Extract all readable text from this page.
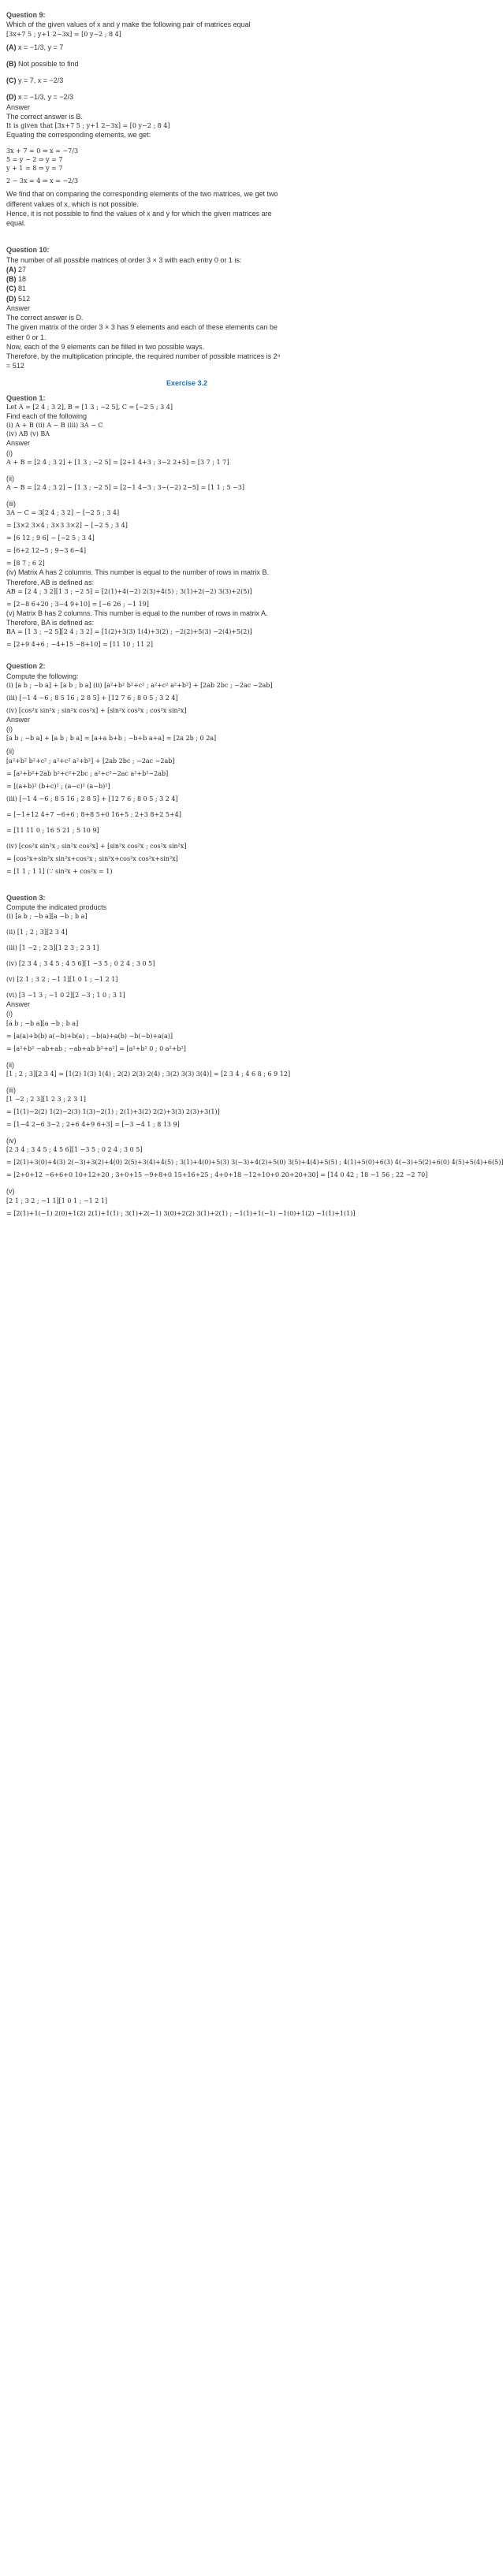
Question 9:
Which of the given values of x and y make the following pair of matrices equal
[3x+7 5 ; y+1 2−3x] = [0 y−2 ; 8 4]
(A) x = −1/3, y = 7
(B) Not possible to find
(C) y = 7, x = −2/3
(D) x = −1/3, y = −2/3
Answer
The correct answer is B.
It is given that [3x+7 5 ; y+1 2−3x] = [0 y−2 ; 8 4]
Equating the corresponding elements, we get:
3x + 7 = 0 ⇒ x = −7/3
5 = y − 2 ⇒ y = 7
y + 1 = 8 ⇒ y = 7
2 − 3x = 4 ⇒ x = −2/3
We find that on comparing the corresponding elements of the two matrices, we get two
different values of x, which is not possible.
Hence, it is not possible to find the values of x and y for which the given matrices are
equal.
Question 10:
The number of all possible matrices of order 3 × 3 with each entry 0 or 1 is:
(A) 27
(B) 18
(C) 81
(D) 512
Answer
The correct answer is D.
The given matrix of the order 3 × 3 has 9 elements and each of these elements can be
either 0 or 1.
Now, each of the 9 elements can be filled in two possible ways.
Therefore, by the multiplication principle, the required number of possible matrices is 2⁹
= 512
Exercise 3.2
Question 1:
Let A = [2 4 ; 3 2], B = [1 3 ; −2 5], C = [−2 5 ; 3 4]
Find each of the following
(i) A + B (ii) A − B (iii) 3A − C
(iv) AB (v) BA
Answer
(i)
A + B = [2 4 ; 3 2] + [1 3 ; −2 5] = [2+1 4+3 ; 3−2 2+5] = [3 7 ; 1 7]
(ii)
A − B = [2 4 ; 3 2] − [1 3 ; −2 5] = [2−1 4−3 ; 3−(−2) 2−5] = [1 1 ; 5 −3]
(iii)
3A − C = 3[2 4 ; 3 2] − [−2 5 ; 3 4]
= [3×2 3×4 ; 3×3 3×2] − [−2 5 ; 3 4]
= [6 12 ; 9 6] − [−2 5 ; 3 4]
= [6+2 12−5 ; 9−3 6−4]
= [8 7 ; 6 2]
(iv) Matrix A has 2 columns. This number is equal to the number of rows in matrix B.
Therefore, AB is defined as:
AB = [2 4 ; 3 2][1 3 ; −2 5] = [2(1)+4(−2) 2(3)+4(5) ; 3(1)+2(−2) 3(3)+2(5)]
= [2−8 6+20 ; 3−4 9+10] = [−6 26 ; −1 19]
(v) Matrix B has 2 columns. This number is equal to the number of rows in matrix A.
Therefore, BA is defined as:
BA = [1 3 ; −2 5][2 4 ; 3 2] = [1(2)+3(3) 1(4)+3(2) ; −2(2)+5(3) −2(4)+5(2)]
= [2+9 4+6 ; −4+15 −8+10] = [11 10 ; 11 2]
Question 2:
Compute the following:
(i) [a b ; −b a] + [a b ; b a] (ii) [a²+b² b²+c² ; a²+c² a²+b²] + [2ab 2bc ; −2ac −2ab]
(iii) [−1 4 −6 ; 8 5 16 ; 2 8 5] + [12 7 6 ; 8 0 5 ; 3 2 4]
(iv) [cos²x sin²x ; sin²x cos²x] + [sin²x cos²x ; cos²x sin²x]
Answer
(i)
[a b ; −b a] + [a b ; b a] = [a+a b+b ; −b+b a+a] = [2a 2b ; 0 2a]
(ii)
[a²+b² b²+c² ; a²+c² a²+b²] + [2ab 2bc ; −2ac −2ab]
= [a²+b²+2ab b²+c²+2bc ; a²+c²−2ac a²+b²−2ab]
= [(a+b)² (b+c)² ; (a−c)² (a−b)²]
(iii) [−1 4 −6 ; 8 5 16 ; 2 8 5] + [12 7 6 ; 8 0 5 ; 3 2 4]
= [−1+12 4+7 −6+6 ; 8+8 5+0 16+5 ; 2+3 8+2 5+4]
= [11 11 0 ; 16 5 21 ; 5 10 9]
(iv) [cos²x sin²x ; sin²x cos²x] + [sin²x cos²x ; cos²x sin²x]
= [cos²x+sin²x sin²x+cos²x ; sin²x+cos²x cos²x+sin²x]
= [1 1 ; 1 1] (∵ sin²x + cos²x = 1)
Question 3:
Compute the indicated products
(i) [a b ; −b a][a −b ; b a]
(ii) [1 ; 2 ; 3][2 3 4]
(iii) [1 −2 ; 2 3][1 2 3 ; 2 3 1]
(iv) [2 3 4 ; 3 4 5 ; 4 5 6][1 −3 5 ; 0 2 4 ; 3 0 5]
(v) [2 1 ; 3 2 ; −1 1][1 0 1 ; −1 2 1]
(vi) [3 −1 3 ; −1 0 2][2 −3 ; 1 0 ; 3 1]
Answer
(i)
[a b ; −b a][a −b ; b a]
= [a(a)+b(b) a(−b)+b(a) ; −b(a)+a(b) −b(−b)+a(a)]
= [a²+b² −ab+ab ; −ab+ab b²+a²] = [a²+b² 0 ; 0 a²+b²]
(ii)
[1 ; 2 ; 3][2 3 4] = [1(2) 1(3) 1(4) ; 2(2) 2(3) 2(4) ; 3(2) 3(3) 3(4)] = [2 3 4 ; 4 6 8 ; 6 9 12]
(iii)
[1 −2 ; 2 3][1 2 3 ; 2 3 1]
= [1(1)−2(2) 1(2)−2(3) 1(3)−2(1) ; 2(1)+3(2) 2(2)+3(3) 2(3)+3(1)]
= [1−4 2−6 3−2 ; 2+6 4+9 6+3] = [−3 −4 1 ; 8 13 9]
(iv)
[2 3 4 ; 3 4 5 ; 4 5 6][1 −3 5 ; 0 2 4 ; 3 0 5]
= [2(1)+3(0)+4(3) 2(−3)+3(2)+4(0) 2(5)+3(4)+4(5) ; 3(1)+4(0)+5(3) 3(−3)+4(2)+5(0) 3(5)+4(4)+5(5) ; 4(1)+5(0)+6(3) 4(−3)+5(2)+6(0) 4(5)+5(4)+6(5)]
= [2+0+12 −6+6+0 10+12+20 ; 3+0+15 −9+8+0 15+16+25 ; 4+0+18 −12+10+0 20+20+30] = [14 0 42 ; 18 −1 56 ; 22 −2 70]
(v)
[2 1 ; 3 2 ; −1 1][1 0 1 ; −1 2 1]
= [2(1)+1(−1) 2(0)+1(2) 2(1)+1(1) ; 3(1)+2(−1) 3(0)+2(2) 3(1)+2(1) ; −1(1)+1(−1) −1(0)+1(2) −1(1)+1(1)]
